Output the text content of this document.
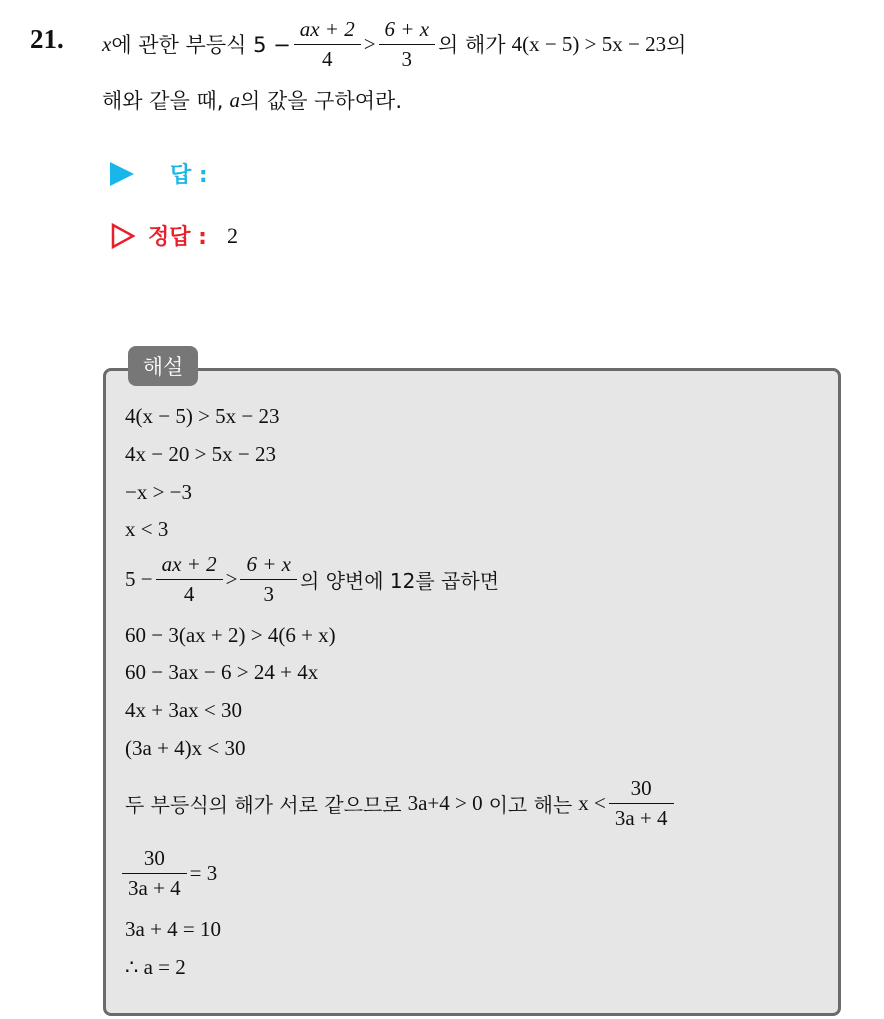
21. x 에 관한 부등식 $5 - \frac{ax + 2}{4} > \frac{6 + x}{3}$ 의 해가 4(x − 5) > 5x − 23 의
해와 같을 때, a 의 값을 구하여라.
답 :
정답 : 2
해설
4(x − 5) > 5x − 23
4x − 20 > 5x − 23
−x > −3
x < 3
$5 - \frac{ax + 2}{4} > \frac{6 + x}{3}$ 의 양변에 12를 곱하면
60 − 3(ax + 2) > 4(6 + x)
60 − 3ax − 6 > 24 + 4x
4x + 3ax < 30
(3a + 4)x < 30
두 부등식의 해가 서로 같으므로 3a+4 > 0 이고 해는 $x < \frac{30}{3a + 4}$
$\frac{30}{3a + 4} = 3$
3a + 4 = 10
∴ a = 2
